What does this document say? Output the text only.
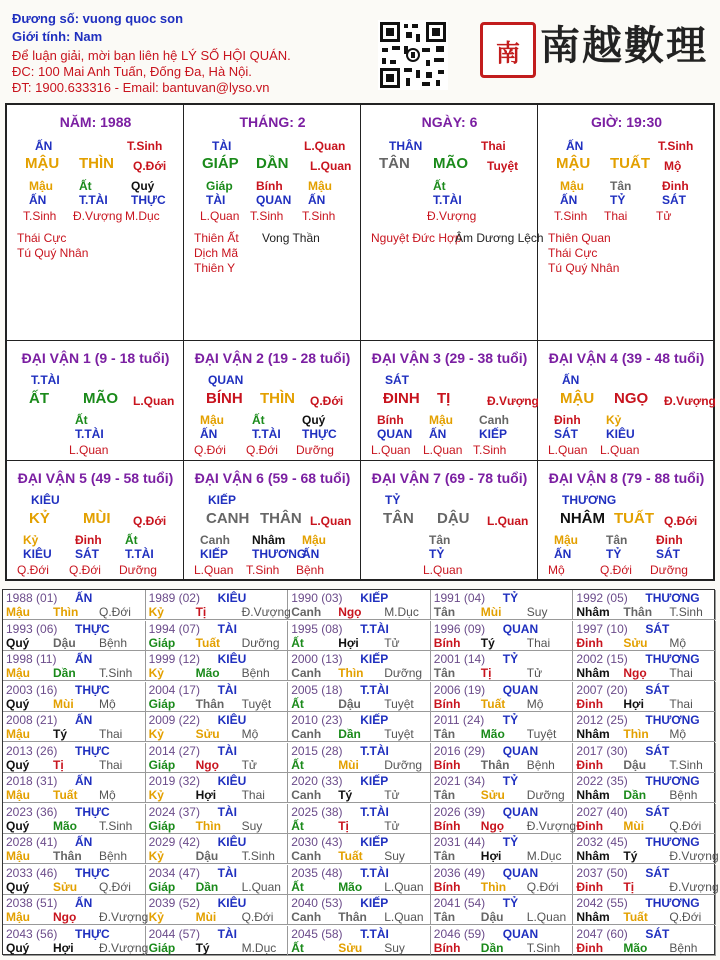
Đương số: vuong quoc son
Giới tính: Nam
Để luận giải, mời bạn liên hệ LÝ SỐ HỘI QUÁN.
ĐC: 100 Mai Anh Tuấn, Đống Đa, Hà Nội.
ĐT: 1900.633316 - Email: bantuvan@lyso.vn
南 南越數理
NĂM: 1988
ẤN	T.Sinh
MẬU THÌN Q.Đới
Mậu
ẤN
T.Sinh
Ất
T.TÀI
Đ.Vượng
Quý
THỰC
M.Dục
Thái Cực
Tú Quý Nhân
THÁNG: 2
TÀI	L.Quan
GIÁP DẦN L.Quan
Giáp
TÀI
L.Quan
Bính
QUAN
T.Sinh
Mậu
ẤN
T.Sinh
Thiên Ất
Dịch Mã
Thiên Y
Vong Thần
NGÀY: 6
THÂN	Thai
TÂN MÃO Tuyệt
Ất
T.TÀI
Đ.Vượng
Nguyệt Đức Hợp
Âm Dương Lệch
GIỜ: 19:30
ẤN	T.Sinh
MẬU TUẤT Mộ
Mậu
ẤN
T.Sinh
Tân
TỶ
Thai
Đinh
SÁT
Tử
Thiên Quan
Thái Cực
Tú Quý Nhân
ĐẠI VẬN 1 (9 - 18 tuổi)
T.TÀI
ẤT MÃO L.Quan
Ất
T.TÀI
L.Quan
ĐẠI VẬN 2 (19 - 28 tuổi)
QUAN
BÍNH THÌN Q.Đới
Mậu
ẤN
Q.Đới
Ất
T.TÀI
Q.Đới
Quý
THỰC
Dưỡng
ĐẠI VẬN 3 (29 - 38 tuổi)
SÁT
ĐINH TỊ	Đ.Vượng
Bính
QUAN
L.Quan
Mậu
ẤN
L.Quan
Canh
KIẾP
T.Sinh
ĐẠI VẬN 4 (39 - 48 tuổi)
ẤN
MẬU NGỌ Đ.Vượng
Đinh
SÁT
L.Quan
Kỷ
KIÊU
L.Quan
ĐẠI VẬN 5 (49 - 58 tuổi)
KIÊU
KỶ MÙI Q.Đới
Kỷ
KIÊU
Q.Đới
Đinh
SÁT
Q.Đới
Ất
T.TÀI
Dưỡng
ĐẠI VẬN 6 (59 - 68 tuổi)
KIẾP
CANH THÂN L.Quan
Canh
KIẾP
L.Quan
Nhâm
THƯƠNG
T.Sinh
Mậu
ẤN
Bệnh
ĐẠI VẬN 7 (69 - 78 tuổi)
TỶ
TÂN DẬU L.Quan
Tân
TỶ
L.Quan
ĐẠI VẬN 8 (79 - 88 tuổi)
THƯƠNG
NHÂM TUẤT Q.Đới
Mậu
ẤN
Mộ
Tân
TỶ
Q.Đới
Đinh
SÁT
Dưỡng
1988 (01) ẤN
Mậu Thìn Q.Đới
1989 (02) KIÊU
Kỷ	Tị	Đ.Vượng
1990 (03) KIẾP
Canh Ngọ M.Dục
1991 (04) TỶ
Tân Mùi Suy
1992 (05) THƯƠNG
Nhâm Thân T.Sinh
1993 (06) THỰC
Quý Dậu Bệnh
1994 (07) TÀI
Giáp Tuất Dưỡng
1995 (08) T.TÀI
Ất	Hợi Tử
1996 (09) QUAN
Bính Tý	Thai
1997 (10) SÁT
Đinh Sửu Mộ
1998 (11) ẤN
Mậu Dần T.Sinh
1999 (12) KIÊU
Kỷ	Mão Bệnh
2000 (13) KIẾP
Canh Thìn Dưỡng
2001 (14) TỶ
Tân Tị	Tử
2002 (15) THƯƠNG
Nhâm Ngọ Thai
2003 (16) THỰC
Quý Mùi Mộ
2004 (17) TÀI
Giáp Thân Tuyệt
2005 (18) T.TÀI
Ất	Dậu Tuyệt
2006 (19) QUAN
Bính Tuất Mộ
2007 (20) SÁT
Đinh Hợi Thai
2008 (21) ẤN
Mậu Tý	Thai
2009 (22) KIÊU
Kỷ	Sửu Mộ
2010 (23) KIẾP
Canh Dần Tuyệt
2011 (24) TỶ
Tân Mão Tuyệt
2012 (25) THƯƠNG
Nhâm Thìn Mộ
2013 (26) THỰC
Quý Tị	Thai
2014 (27) TÀI
Giáp Ngọ Tử
2015 (28) T.TÀI
Ất	Mùi Dưỡng
2016 (29) QUAN
Bính Thân Bệnh
2017 (30) SÁT
Đinh Dậu T.Sinh
2018 (31) ẤN
Mậu Tuất Mộ
2019 (32) KIÊU
Kỷ	Hợi Thai
2020 (33) KIẾP
Canh Tý	Tử
2021 (34) TỶ
Tân Sửu Dưỡng
2022 (35) THƯƠNG
Nhâm Dần Bệnh
2023 (36) THỰC
Quý Mão T.Sinh
2024 (37) TÀI
Giáp Thìn Suy
2025 (38) T.TÀI
Ất	Tị	Tử
2026 (39) QUAN
Bính Ngọ Đ.Vượng
2027 (40) SÁT
Đinh Mùi Q.Đới
2028 (41) ẤN
Mậu Thân Bệnh
2029 (42) KIÊU
Kỷ	Dậu T.Sinh
2030 (43) KIẾP
Canh Tuất Suy
2031 (44) TỶ
Tân Hợi M.Dục
2032 (45) THƯƠNG
Nhâm Tý	Đ.Vượng
2033 (46) THỰC
Quý Sửu Q.Đới
2034 (47) TÀI
Giáp Dần L.Quan
2035 (48) T.TÀI
Ất	Mão L.Quan
2036 (49) QUAN
Bính Thìn Q.Đới
2037 (50) SÁT
Đinh Tị	Đ.Vượng
2038 (51) ẤN
Mậu Ngọ Đ.Vượng
2039 (52) KIÊU
Kỷ	Mùi Q.Đới
2040 (53) KIẾP
Canh Thân L.Quan
2041 (54) TỶ
Tân Dậu L.Quan
2042 (55) THƯƠNG
Nhâm Tuất Q.Đới
2043 (56) THỰC
Quý Hợi Đ.Vượng
2044 (57) TÀI
Giáp Tý	M.Dục
2045 (58) T.TÀI
Ất	Sửu Suy
2046 (59) QUAN
Bính Dần T.Sinh
2047 (60) SÁT
Đinh Mão Bệnh
